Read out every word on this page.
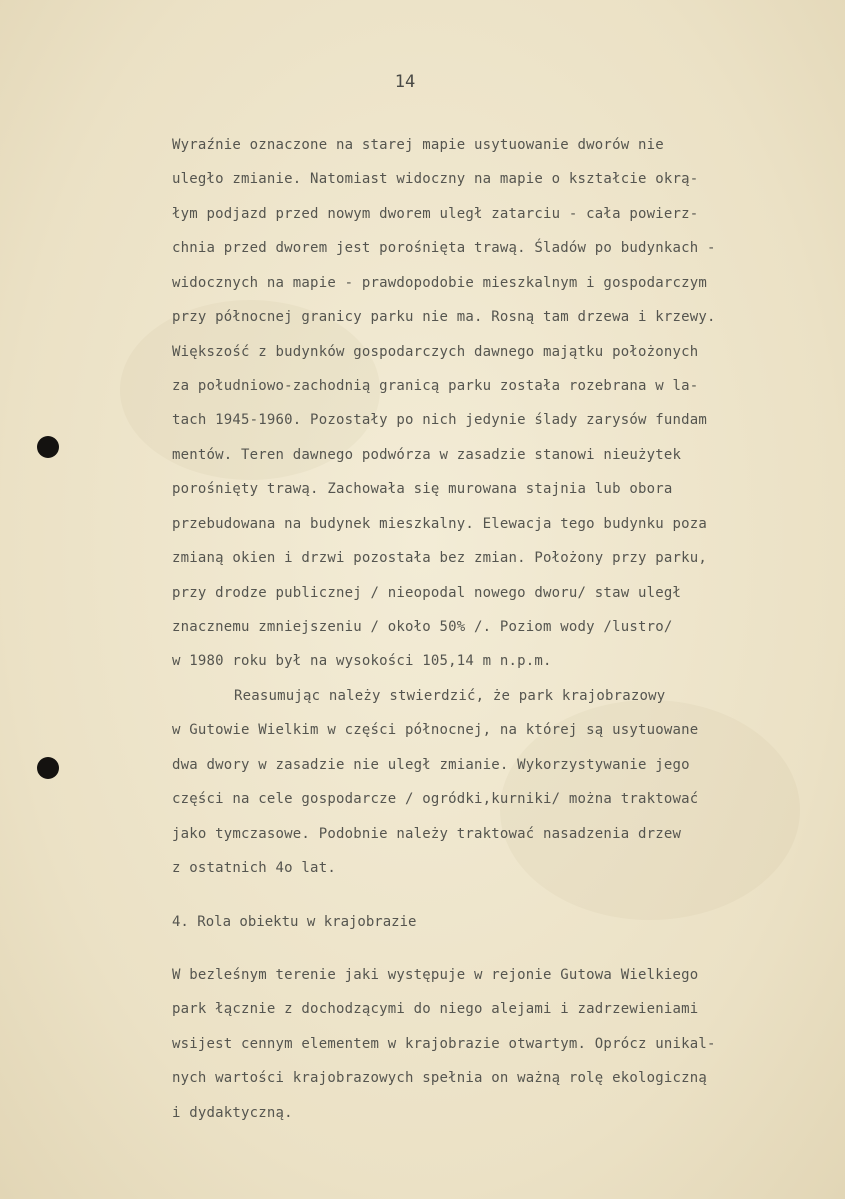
14
Wyraźnie oznaczone na starej mapie usytuowanie dworów nie
uległo zmianie. Natomiast widoczny na mapie o kształcie okrą-
łym podjazd przed nowym dworem uległ zatarciu - cała powierz-
chnia przed dworem jest porośnięta trawą. Śladów po budynkach -
widocznych na mapie - prawdopodobie mieszkalnym i gospodarczym
przy północnej granicy parku nie ma. Rosną tam drzewa i krzewy.
Większość z budynków gospodarczych dawnego majątku położonych
za południowo-zachodnią granicą parku została rozebrana w la-
tach 1945-1960. Pozostały po nich jedynie ślady zarysów fundam
mentów. Teren dawnego podwórza w zasadzie stanowi nieużytek
porośnięty trawą. Zachowała się murowana stajnia lub obora
przebudowana na budynek mieszkalny. Elewacja tego budynku poza
zmianą okien i drzwi pozostała bez zmian. Położony przy parku,
przy drodze publicznej / nieopodal nowego dworu/ staw uległ
znacznemu zmniejszeniu / około 50% /. Poziom wody /lustro/
w 1980 roku był na wysokości 105,14 m n.p.m.
Reasumując należy stwierdzić, że park krajobrazowy
w Gutowie Wielkim w części północnej, na której są usytuowane
dwa dwory w zasadzie nie uległ zmianie. Wykorzystywanie jego
części na cele gospodarcze / ogródki,kurniki/ można traktować
jako tymczasowe. Podobnie należy traktować nasadzenia drzew
z ostatnich 4o lat.
4. Rola obiektu w krajobrazie
W bezleśnym terenie jaki występuje w rejonie Gutowa Wielkiego
park łącznie z dochodzącymi do niego alejami i zadrzewieniami
wsijest cennym elementem w krajobrazie otwartym. Oprócz unikal-
nych wartości krajobrazowych spełnia on ważną rolę ekologiczną
i dydaktyczną.
